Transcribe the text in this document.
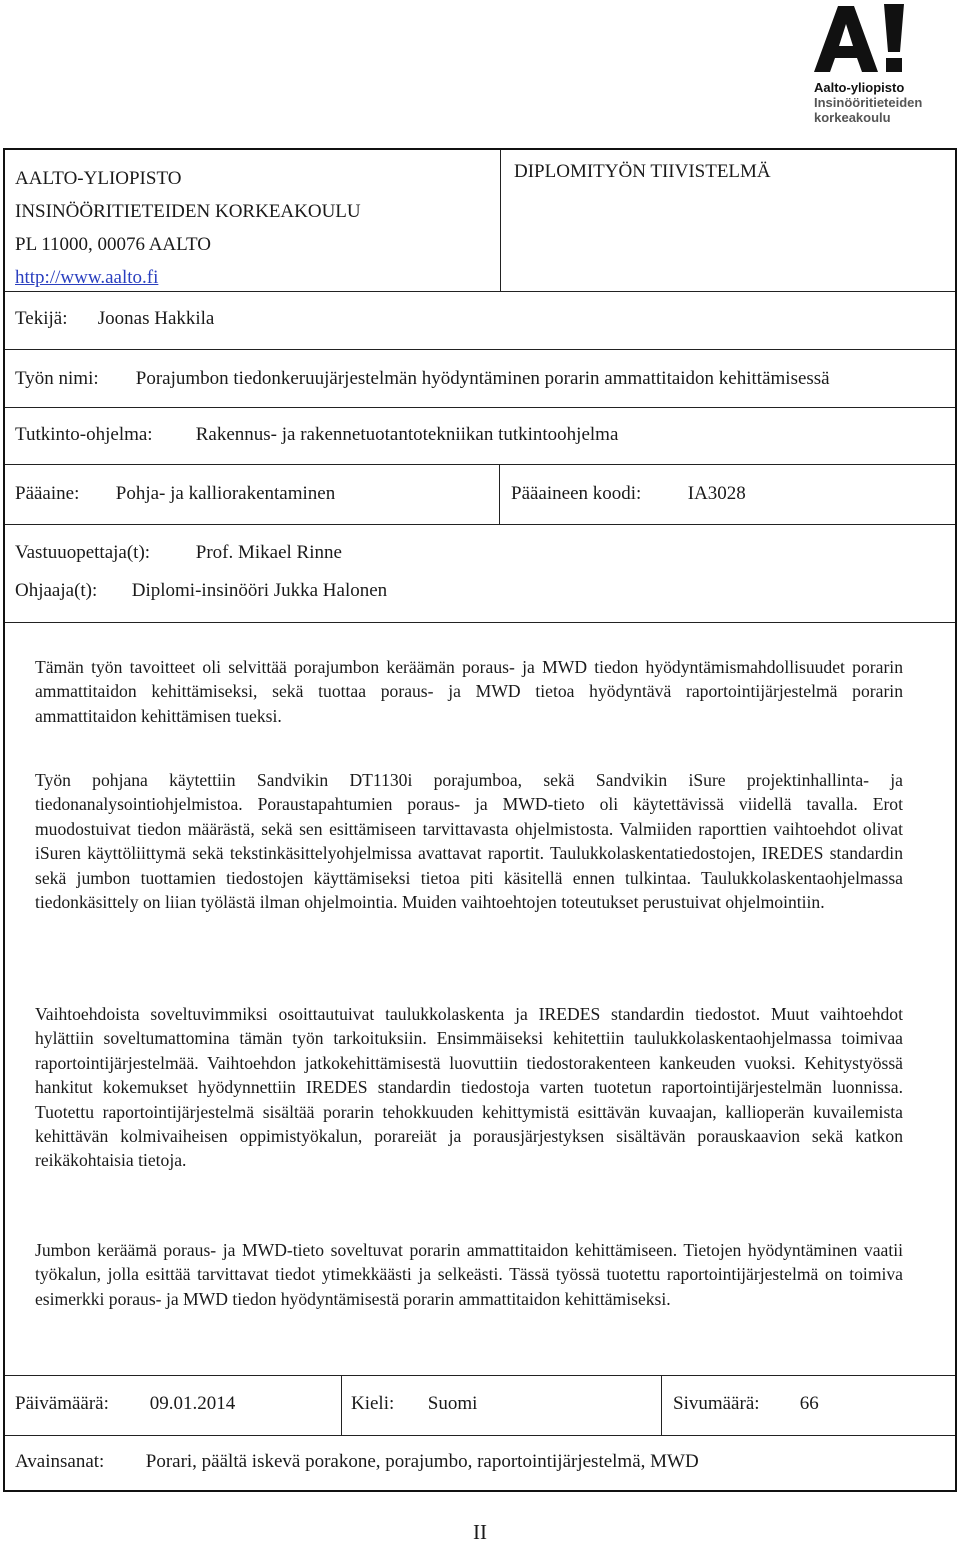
Aalto-yliopisto
Insinööritieteiden
korkeakoulu
AALTO-YLIOPISTO
INSINÖÖRITIETEIDEN KORKEAKOULU
PL 11000, 00076 AALTO
http://www.aalto.fi
DIPLOMITYÖN TIIVISTELMÄ
Tekijä: Joonas Hakkila
Työn nimi: Porajumbon tiedonkeruujärjestelmän hyödyntäminen porarin ammattitaidon kehittämisessä
Tutkinto-ohjelma: Rakennus- ja rakennetuotantotekniikan tutkintoohjelma
Pääaine: Pohja- ja kalliorakentaminen	Pääaineen koodi: IA3028
Vastuuopettaja(t): Prof. Mikael Rinne
Ohjaaja(t): Diplomi-insinööri Jukka Halonen

Tämän työn tavoitteet oli selvittää porajumbon keräämän poraus- ja MWD tiedon hyödyntämismahdollisuudet porarin ammattitaidon kehittämiseksi, sekä tuottaa poraus- ja MWD tietoa hyödyntävä raportointijärjestelmä porarin ammattitaidon kehittämisen tueksi.

Työn pohjana käytettiin Sandvikin DT1130i porajumboa, sekä Sandvikin iSure projektinhallinta- ja tiedonanalysointiohjelmistoa. Poraustapahtumien poraus- ja MWD-tieto oli käytettävissä viidellä tavalla. Erot muodostuivat tiedon määrästä, sekä sen esittämiseen tarvittavasta ohjelmistosta. Valmiiden raporttien vaihtoehdot olivat iSuren käyttöliittymä sekä tekstinkäsittelyohjelmissa avattavat raportit. Taulukkolaskentatiedostojen, IREDES standardin sekä jumbon tuottamien tiedostojen käyttämiseksi tietoa piti käsitellä ennen tulkintaa. Taulukkolaskentaohjelmassa tiedonkäsittely on liian työlästä ilman ohjelmointia. Muiden vaihtoehtojen toteutukset perustuivat ohjelmointiin.

Vaihtoehdoista soveltuvimmiksi osoittautuivat taulukkolaskenta ja IREDES standardin tiedostot. Muut vaihtoehdot hylättiin soveltumattomina tämän työn tarkoituksiin. Ensimmäiseksi kehitettiin taulukkolaskentaohjelmassa toimivaa raportointijärjestelmää. Vaihtoehdon jatkokehittämisestä luovuttiin tiedostorakenteen kankeuden vuoksi. Kehitystyössä hankitut kokemukset hyödynnettiin IREDES standardin tiedostoja varten tuotetun raportointijärjestelmän luonnissa. Tuotettu raportointijärjestelmä sisältää porarin tehokkuuden kehittymistä esittävän kuvaajan, kallioperän kuvailemista kehittävän kolmivaiheisen oppimistyökalun, porareiät ja porausjärjestyksen sisältävän porauskaavion sekä katkon reikäkohtaisia tietoja.

Jumbon keräämä poraus- ja MWD-tieto soveltuvat porarin ammattitaidon kehittämiseen. Tietojen hyödyntäminen vaatii työkalun, jolla esittää tarvittavat tiedot ytimekkäästi ja selkeästi. Tässä työssä tuotettu raportointijärjestelmä on toimiva esimerkki poraus- ja MWD tiedon hyödyntämisestä porarin ammattitaidon kehittämiseksi.

Päivämäärä: 09.01.2014	Kieli: Suomi	Sivumäärä: 66
Avainsanat: Porari, päältä iskevä porakone, porajumbo, raportointijärjestelmä, MWD
II
